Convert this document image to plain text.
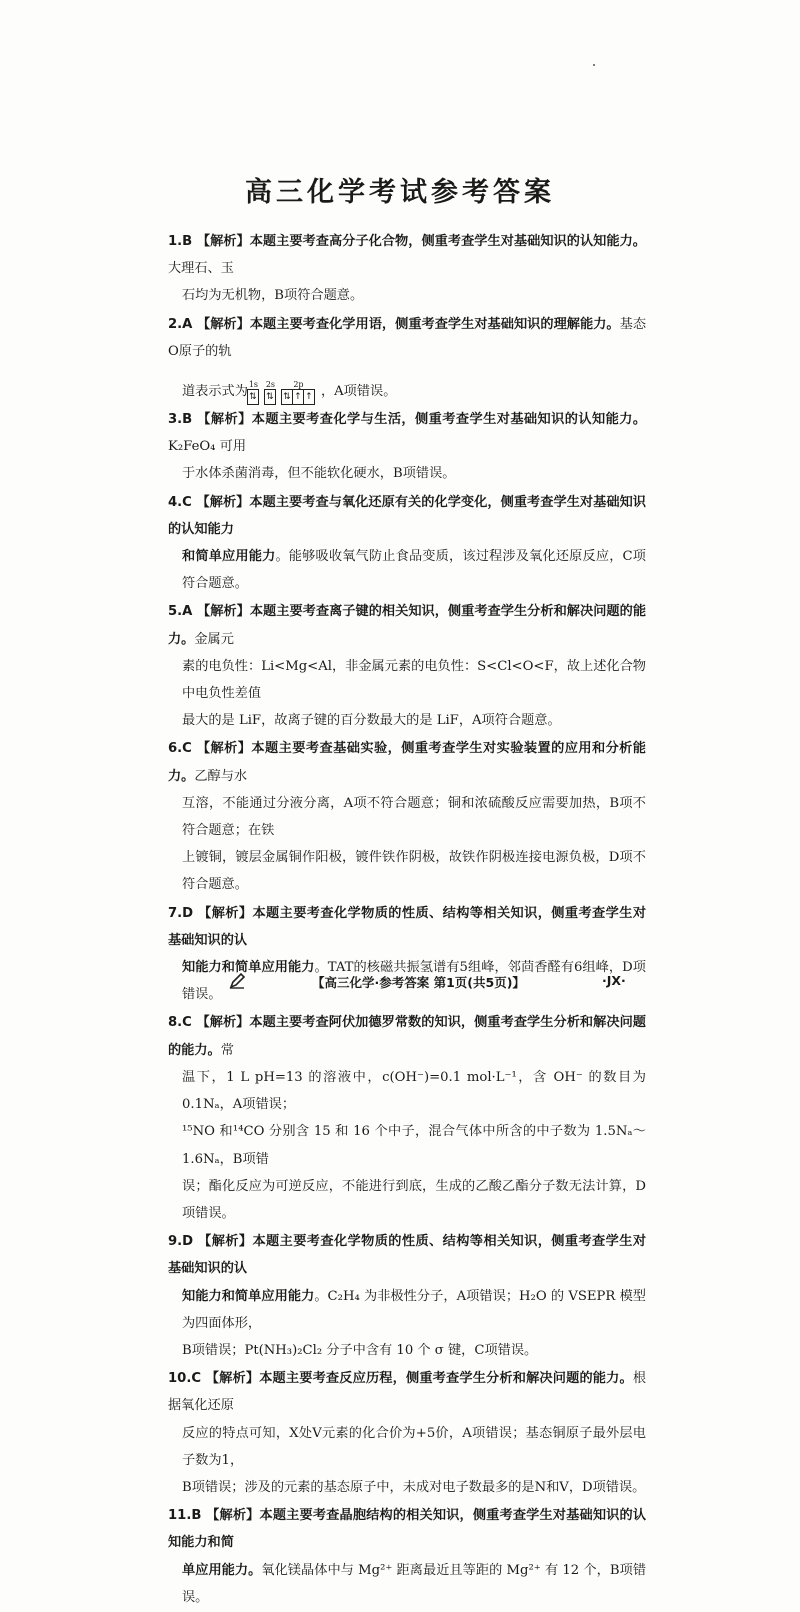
高三化学考试参考答案
1.B 【解析】本题主要考查高分子化合物，侧重考查学生对基础知识的认知能力。大理石、玉
石均为无机物，B项符合题意。
2.A 【解析】本题主要考查化学用语，侧重考查学生对基础知识的理解能力。基态O原子的轨
道表示式为 1s
⇅
2s
⇅
2p
⇅ ↑ ↑ ，A项错误。
3.B 【解析】本题主要考查化学与生活，侧重考查学生对基础知识的认知能力。K₂FeO₄ 可用
于水体杀菌消毒，但不能软化硬水，B项错误。
4.C 【解析】本题主要考查与氧化还原有关的化学变化，侧重考查学生对基础知识的认知能力
和简单应用能力。能够吸收氧气防止食品变质，该过程涉及氧化还原反应，C项符合题意。
5.A 【解析】本题主要考查离子键的相关知识，侧重考查学生分析和解决问题的能力。金属元
素的电负性：Li<Mg<Al，非金属元素的电负性：S<Cl<O<F，故上述化合物中电负性差值
最大的是 LiF，故离子键的百分数最大的是 LiF，A项符合题意。
6.C 【解析】本题主要考查基础实验，侧重考查学生对实验装置的应用和分析能力。乙醇与水
互溶，不能通过分液分离，A项不符合题意；铜和浓硫酸反应需要加热，B项不符合题意；在铁
上镀铜，镀层金属铜作阳极，镀件铁作阴极，故铁作阴极连接电源负极，D项不符合题意。
7.D 【解析】本题主要考查化学物质的性质、结构等相关知识，侧重考查学生对基础知识的认
知能力和简单应用能力。TAT的核磁共振氢谱有5组峰，邻茴香醛有6组峰，D项错误。
8.C 【解析】本题主要考查阿伏加德罗常数的知识，侧重考查学生分析和解决问题的能力。常
温下，1 L pH=13 的溶液中，c(OH⁻)=0.1 mol·L⁻¹，含 OH⁻ 的数目为 0.1Nₐ，A项错误；
¹⁵NO 和¹⁴CO 分别含 15 和 16 个中子，混合气体中所含的中子数为 1.5Nₐ～1.6Nₐ，B项错
误；酯化反应为可逆反应，不能进行到底，生成的乙酸乙酯分子数无法计算，D项错误。
9.D 【解析】本题主要考查化学物质的性质、结构等相关知识，侧重考查学生对基础知识的认
知能力和简单应用能力。C₂H₄ 为非极性分子，A项错误；H₂O 的 VSEPR 模型为四面体形，
B项错误；Pt(NH₃)₂Cl₂ 分子中含有 10 个 σ 键，C项错误。
10.C 【解析】本题主要考查反应历程，侧重考查学生分析和解决问题的能力。根据氧化还原
反应的特点可知，X处V元素的化合价为+5价，A项错误；基态铜原子最外层电子数为1，
B项错误；涉及的元素的基态原子中，未成对电子数最多的是N和V，D项错误。
11.B 【解析】本题主要考查晶胞结构的相关知识，侧重考查学生对基础知识的认知能力和简
单应用能力。氧化镁晶体中与 Mg²⁺ 距离最近且等距的 Mg²⁺ 有 12 个，B项错误。
【高三化学·参考答案 第1页(共5页)】	·JX·
